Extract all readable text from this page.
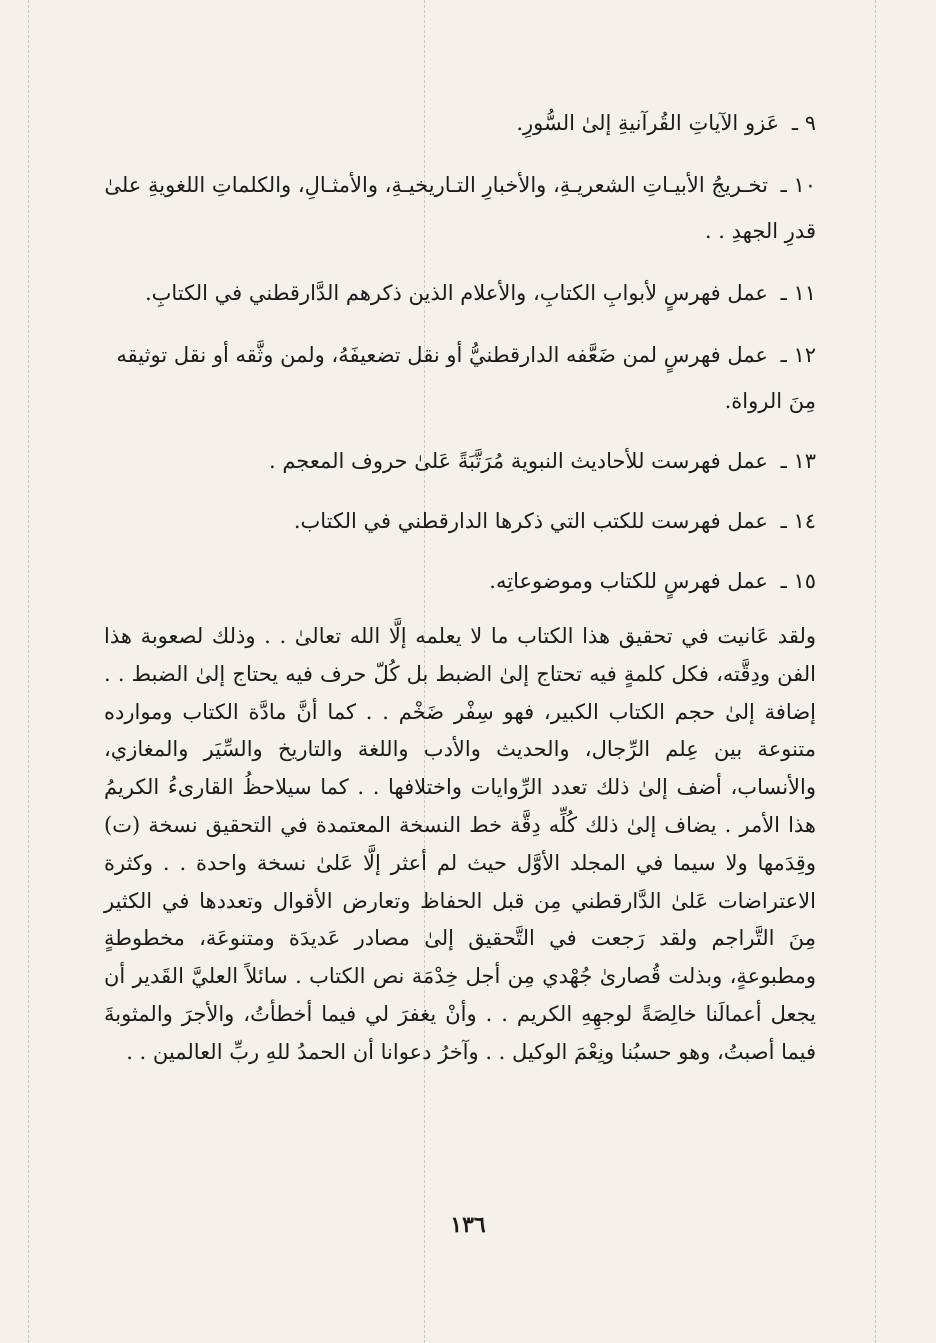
٩ ـ عَزو الآياتِ القُرآنيةِ إلىٰ السُّورِ.
١٠ ـ تخـريجُ الأبيـاتِ الشعريـةِ، والأخبارِ التـاريخيـةِ، والأمثـالِ، والكلماتِ اللغويةِ علىٰ قدرِ الجهدِ . .
١١ ـ عمل فهرسٍ لأبوابِ الكتابِ، والأعلام الذين ذكرهم الدَّارقطني في الكتابِ.
١٢ ـ عمل فهرسٍ لمن ضَعَّفه الدارقطنيُّ أو نقل تضعيفَهُ، ولمن وثَّقه أو نقل توثيقه مِنَ الرواة.
١٣ ـ عمل فهرست للأحاديث النبوية مُرَتَّبَةً عَلىٰ حروف المعجم .
١٤ ـ عمل فهرست للكتب التي ذكرها الدارقطني في الكتاب.
١٥ ـ عمل فهرسٍ للكتاب وموضوعاتِه.

ولقد عَانيت في تحقيق هذا الكتاب ما لا يعلمه إلَّا الله تعالىٰ . . وذلك لصعوبة هذا الفن ودِقَّته، فكل كلمةٍ فيه تحتاج إلىٰ الضبط بل كُلّ حرف فيه يحتاج إلىٰ الضبط . . إضافة إلىٰ حجم الكتاب الكبير، فهو سِفْر ضَخْم . . كما أنَّ مادَّة الكتاب وموارده متنوعة بين عِلم الرِّجال، والحديث والأدب واللغة والتاريخ والسِّيَر والمغازي، والأنساب، أضف إلىٰ ذلك تعدد الرِّوايات واختلافها . . كما سيلاحظُ القارىءُ الكريمُ هذا الأمر . يضاف إلىٰ ذلك كُلِّه دِقَّة خط النسخة المعتمدة في التحقيق نسخة (ت) وقِدَمها ولا سيما في المجلد الأوَّل حيث لم أعثر إلَّا عَلىٰ نسخة واحدة . . وكثرة الاعتراضات عَلىٰ الدَّارقطني مِن قبل الحفاظ وتعارض الأقوال وتعددها في الكثير مِنَ التَّراجم ولقد رَجعت في التَّحقيق إلىٰ مصادر عَديدَة ومتنوعَة، مخطوطةٍ ومطبوعةٍ، وبذلت قُصارىٰ جُهْدي مِن أجل خِدْمَة نص الكتاب . سائلاً العليَّ القَدير أن يجعل أعمالَنا خالِصَةً لوجهِهِ الكريم . . وأنْ يغفرَ لي فيما أخطأتُ، والأجرَ والمثوبةَ فيما أصبتُ، وهو حسبُنا ونِعْمَ الوكيل . . وآخرُ دعوانا أن الحمدُ للهِ ربِّ العالمين . .

١٣٦
